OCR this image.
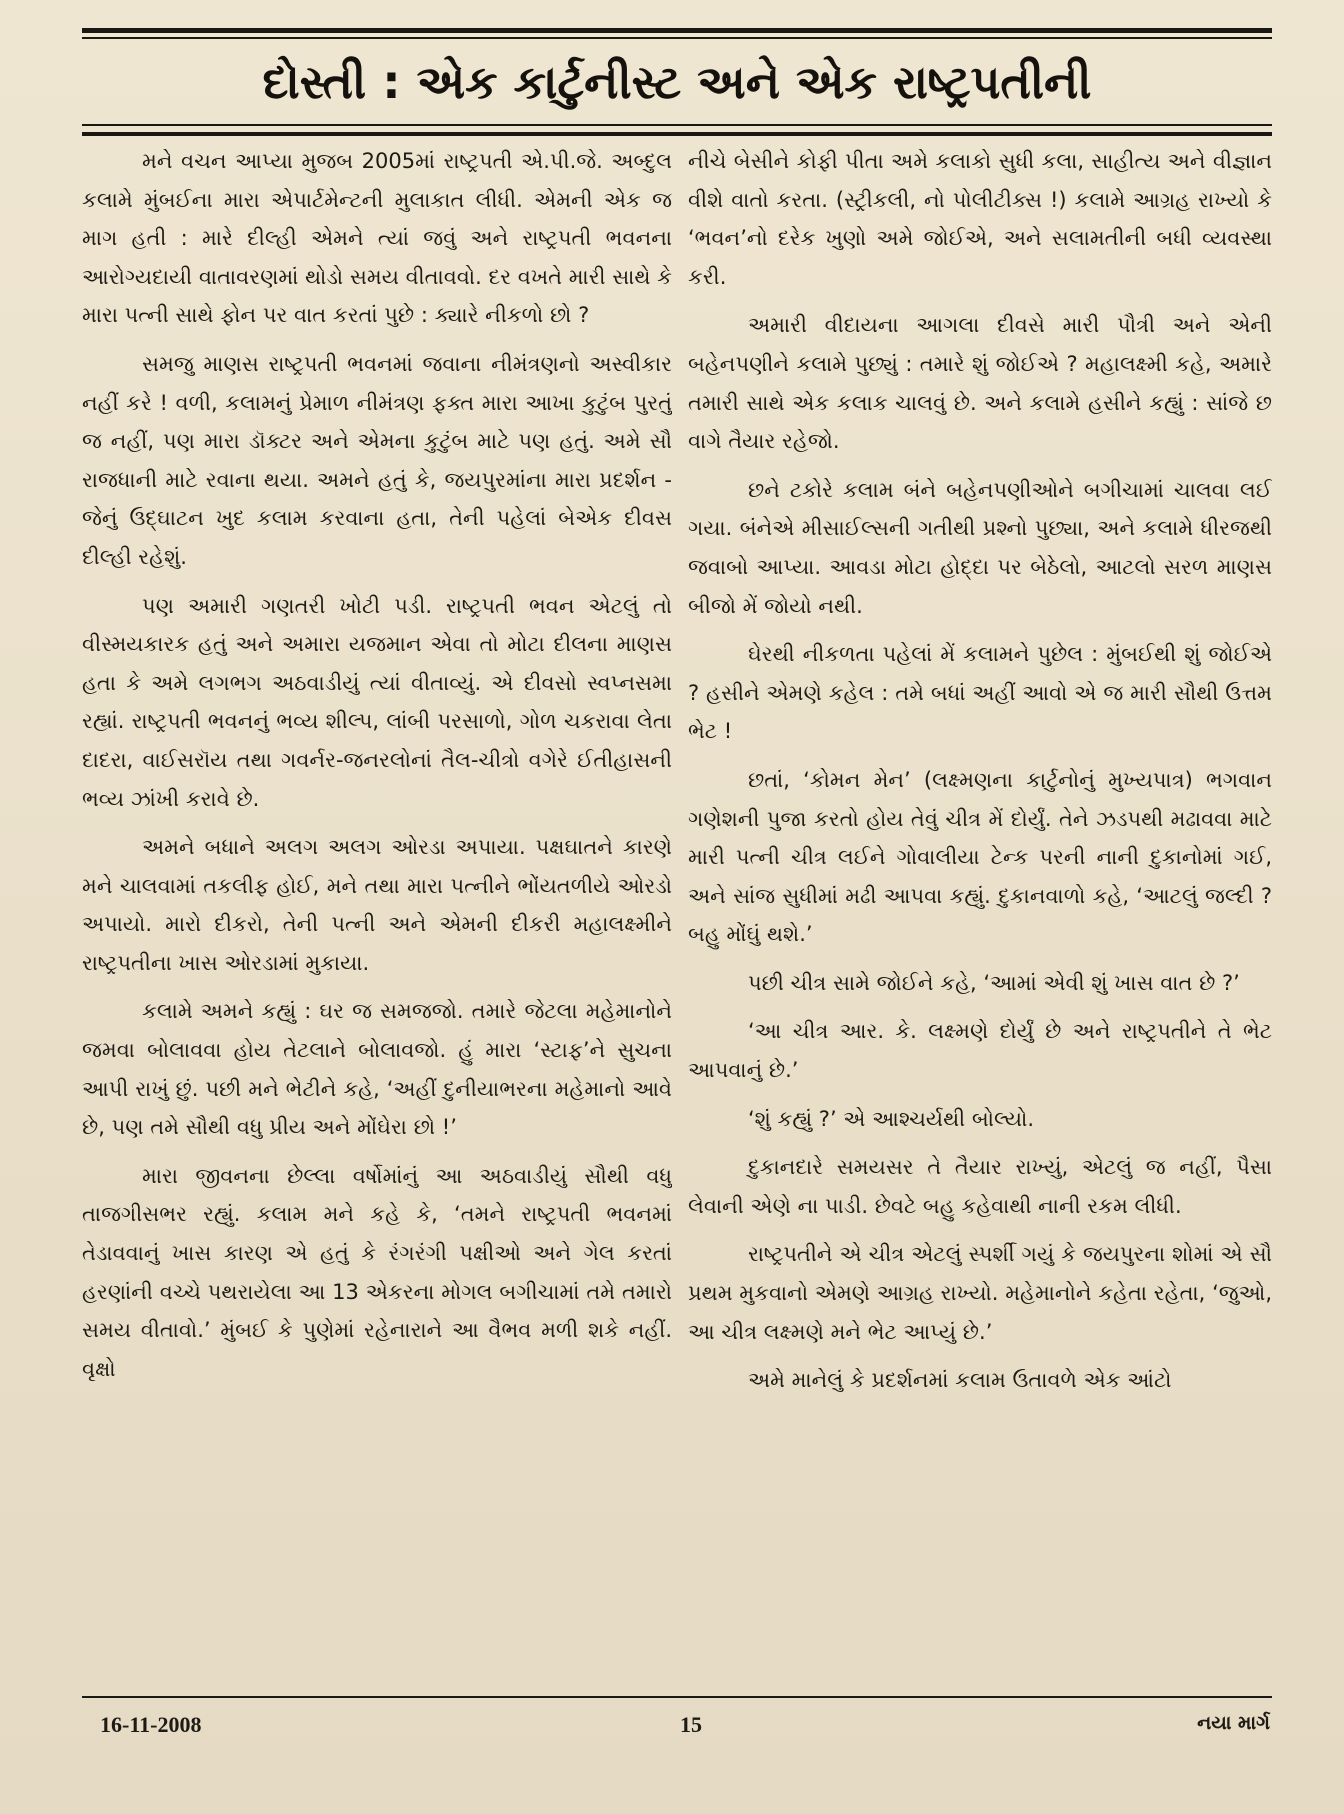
દોસ્તી : એક કાર્ટુનીસ્ટ અને એક રાષ્ટ્રપતીની

મને વચન આપ્યા મુજબ 2005માં રાષ્ટ્રપતી એ.પી.જે. અબ્દુલ કલામે મુંબઈના મારા એપાર્ટમેન્ટની મુલાકાત લીધી. એમની એક જ માગ હતી : મારે દીલ્હી એમને ત્યાં જવું અને રાષ્ટ્રપતી ભવનના આરોગ્યદાયી વાતાવરણમાં થોડો સમય વીતાવવો. દર વખતે મારી સાથે કે મારા પત્ની સાથે ફોન પર વાત કરતાં પુછે : ક્યારે નીકળો છો ?

સમજુ માણસ રાષ્ટ્રપતી ભવનમાં જવાના નીમંત્રણનો અસ્વીકાર નહીં કરે ! વળી, કલામનું પ્રેમાળ નીમંત્રણ ફક્ત મારા આખા કુટુંબ પુરતું જ નહીં, પણ મારા ડૉક્ટર અને એમના કુટુંબ માટે પણ હતું. અમે સૌ રાજધાની માટે રવાના થયા. અમને હતું કે, જયપુરમાંના મારા પ્રદર્શન - જેનું ઉદ્ઘાટન ખુદ કલામ કરવાના હતા, તેની પહેલાં બેએક દીવસ દીલ્હી રહેશું.

પણ અમારી ગણતરી ખોટી પડી. રાષ્ટ્રપતી ભવન એટલું તો વીસ્મયકારક હતું અને અમારા યજમાન એવા તો મોટા દીલના માણસ હતા કે અમે લગભગ અઠવાડીયું ત્યાં વીતાવ્યું. એ દીવસો સ્વપ્નસમા રહ્યાં. રાષ્ટ્રપતી ભવનનું ભવ્ય શીલ્પ, લાંબી પરસાળો, ગોળ ચકરાવા લેતા દાદરા, વાઈસરૉય તથા ગવર્નર-જનરલોનાં તૈલ-ચીત્રો વગેરે ઈતીહાસની ભવ્ય ઝાંખી કરાવે છે.

અમને બધાને અલગ અલગ ઓરડા અપાયા. પક્ષઘાતને કારણે મને ચાલવામાં તકલીફ હોઈ, મને તથા મારા પત્નીને ભોંયતળીયે ઓરડો અપાયો. મારો દીકરો, તેની પત્ની અને એમની દીકરી મહાલક્ષ્મીને રાષ્ટ્રપતીના ખાસ ઓરડામાં મુકાયા.

કલામે અમને કહ્યું : ઘર જ સમજજો. તમારે જેટલા મહેમાનોને જમવા બોલાવવા હોય તેટલાને બોલાવજો. હું મારા ‘સ્ટાફ’ને સુચના આપી રાખું છું. પછી મને ભેટીને કહે, ‘અહીં દુનીયાભરના મહેમાનો આવે છે, પણ તમે સૌથી વધુ પ્રીય અને મોંઘેરા છો !’

મારા જીવનના છેલ્લા વર્ષોમાંનું આ અઠવાડીયું સૌથી વધુ તાજગીસભર રહ્યું. કલામ મને કહે કે, ‘તમને રાષ્ટ્રપતી ભવનમાં તેડાવવાનું ખાસ કારણ એ હતું કે રંગરંગી પક્ષીઓ અને ગેલ કરતાં હરણાંની વચ્ચે પથરાયેલા આ 13 એકરના મોગલ બગીચામાં તમે તમારો સમય વીતાવો.’ મુંબઈ કે પુણેમાં રહેનારાને આ વૈભવ મળી શકે નહીં. વૃક્ષો

નીચે બેસીને કોફી પીતા અમે કલાકો સુધી કલા, સાહીત્ય અને વીજ્ઞાન વીશે વાતો કરતા. (સ્ટ્રીકલી, નો પોલીટીક્સ !) કલામે આગ્રહ રાખ્યો કે ‘ભવન’નો દરેક ખુણો અમે જોઈએ, અને સલામતીની બધી વ્યવસ્થા કરી.

અમારી વીદાયના આગલા દીવસે મારી પૌત્રી અને એની બહેનપણીને કલામે પુછ્યું : તમારે શું જોઈએ ? મહાલક્ષ્મી કહે, અમારે તમારી સાથે એક કલાક ચાલવું છે. અને કલામે હસીને કહ્યું : સાંજે છ વાગે તૈયાર રહેજો.

છને ટકોરે કલામ બંને બહેનપણીઓને બગીચામાં ચાલવા લઈ ગયા. બંનેએ મીસાઈલ્સની ગતીથી પ્રશ્નો પુછ્યા, અને કલામે ધીરજથી જવાબો આપ્યા. આવડા મોટા હોદ્દા પર બેઠેલો, આટલો સરળ માણસ બીજો મેં જોયો નથી.

ઘેરથી નીકળતા પહેલાં મેં કલામને પુછેલ : મુંબઈથી શું જોઈએ ? હસીને એમણે કહેલ : તમે બધાં અહીં આવો એ જ મારી સૌથી ઉત્તમ ભેટ !

છતાં, ‘કોમન મેન’ (લક્ષ્મણના કાર્ટુનોનું મુખ્યપાત્ર) ભગવાન ગણેશની પુજા કરતો હોય તેવું ચીત્ર મેં દોર્યું. તેને ઝડપથી મઢાવવા માટે મારી પત્ની ચીત્ર લઈને ગોવાલીયા ટેન્ક પરની નાની દુકાનોમાં ગઈ, અને સાંજ સુધીમાં મઢી આપવા કહ્યું. દુકાનવાળો કહે, ‘આટલું જલ્દી ? બહુ મોંઘું થશે.’

પછી ચીત્ર સામે જોઈને કહે, ‘આમાં એવી શું ખાસ વાત છે ?’

‘આ ચીત્ર આર. કે. લક્ષ્મણે દોર્યું છે અને રાષ્ટ્રપતીને તે ભેટ આપવાનું છે.’

‘શું કહ્યું ?’ એ આશ્ચર્યથી બોલ્યો.

દુકાનદારે સમયસર તે તૈયાર રાખ્યું, એટલું જ નહીં, પૈસા લેવાની એણે ના પાડી. છેવટે બહુ કહેવાથી નાની રકમ લીધી.

રાષ્ટ્રપતીને એ ચીત્ર એટલું સ્પર્શી ગયું કે જયપુરના શોમાં એ સૌ પ્રથમ મુકવાનો એમણે આગ્રહ રાખ્યો. મહેમાનોને કહેતા રહેતા, ‘જુઓ, આ ચીત્ર લક્ષ્મણે મને ભેટ આપ્યું છે.’

અમે માનેલું કે પ્રદર્શનમાં કલામ ઉતાવળે એક આંટો

16-11-2008	15	નયા માર્ગ
